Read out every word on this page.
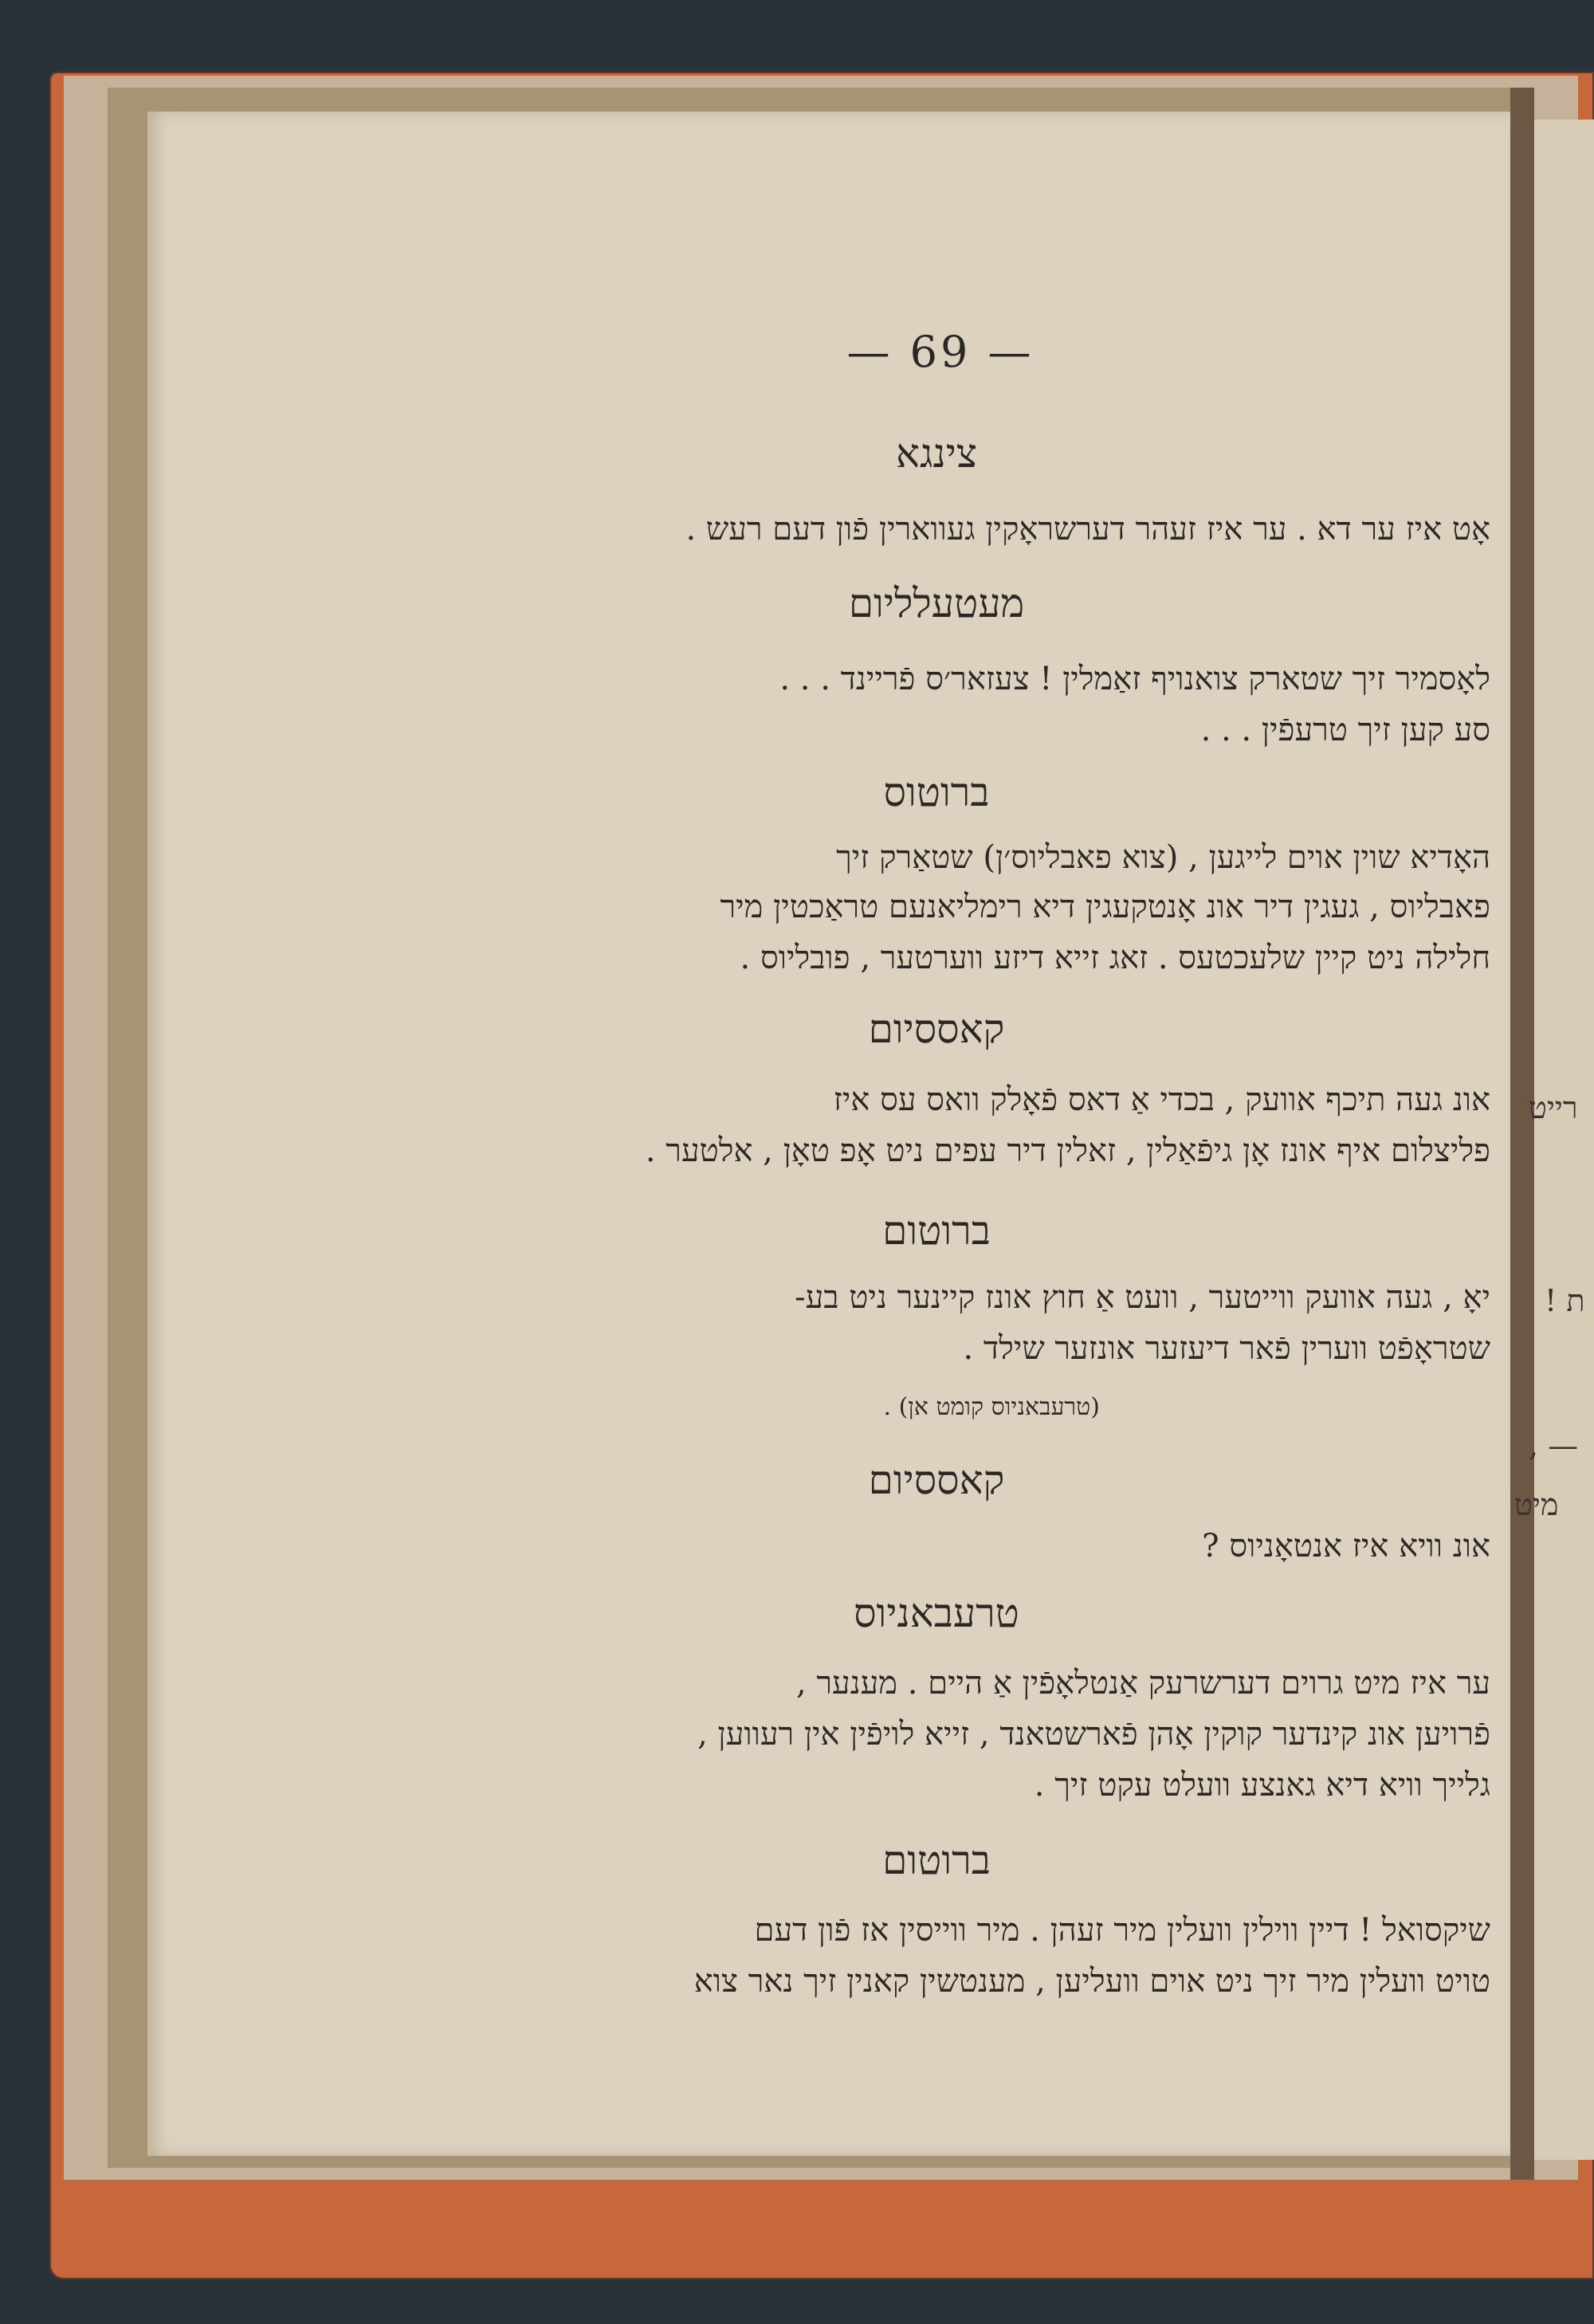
— 69 —
צינגא
אָט איז ער דא . ער איז זעהר דערשראָקין געווארין פֿון דעם רעש .
מעטעלליום
לאָסמיר זיך שטארק צואנויף זאַמלין ! צעזאר׳ס פֿריינד . . .
סע קען זיך טרעפֿין . . .
ברוטוס
האָדיא שוין אוים לייגען , (צוא פאבליוס׳ן) שטאַרק זיך
פאבליוס , געגין דיר אונ אָנטקעגין דיא רימליאנעם טראַכטין מיר
חלילה ניט קיין שלעכטעס . זאג זייא דיזע ווערטער , פובליוס .
קאססיום
אונ געה תיכף אוועק , בכדי אַ דאס פֿאָלק וואס עס איז
פליצלום איף אונז אָן גיפֿאַלין , זאלין דיר עפים ניט אָפ טאָן , אלטער .
ברוטום
יאָ , געה אוועק ווייטער , וועט אַ חוץ אונז קיינער ניט בע-
שטראָפֿט ווערין פֿאר דיעזער אונזער שילד .
(טרעבאניוס קומט אן) .
קאססיום
אונ וויא איז אנטאָניוס ?
טרעבאניוס
ער איז מיט גרוים דערשרעק אַנטלאָפֿין אַ היים . מענער ,
פֿרויען אונ קינדער קוקין אָהן פֿארשטאנד , זייא לויפֿין אין רעווען ,
גלייך וויא דיא גאנצע וועלט עקט זיך .
ברוטום
שיקסואל ! דיין ווילין וועלין מיר זעהן . מיר ווייסין אז פֿון דעם
טויט וועלין מיר זיך ניט אוים וועליען , מענטשין קאנין זיך נאר צוא
רייט
ת !
— ,
מיט
